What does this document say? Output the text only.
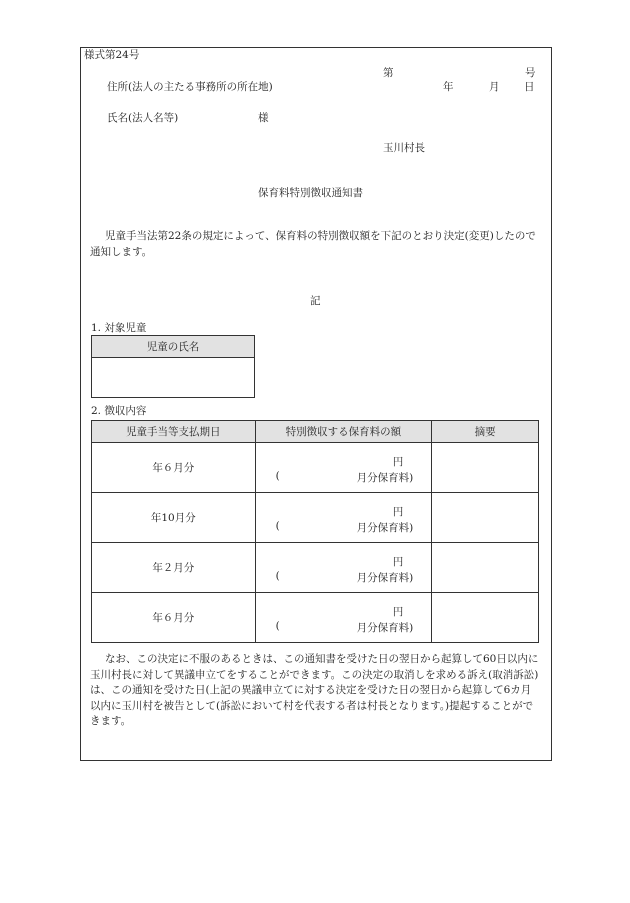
様式第24号
第	号
住所(法人の主たる事務所の所在地)	年	月 日
氏名(法人名等)	様
玉川村長
保育料特別徴収通知書
児童手当法第22条の規定によって、保育料の特別徴収額を下記のとおり決定(変更)したので通知します。
記
1. 対象児童
児童の氏名

2. 徴収内容
児童手当等支払期日	特別徴収する保育料の額	摘要
年６月分	円
( 月分保育料)	

年10月分	円
( 月分保育料)	

年２月分	円
( 月分保育料)	

年６月分	円
( 月分保育料)	

なお、この決定に不服のあるときは、この通知書を受けた日の翌日から起算して60日以内に玉川村長に対して異議申立てをすることができます。この決定の取消しを求める訴え(取消訴訟)は、この通知を受けた日(上記の異議申立てに対する決定を受けた日の翌日から起算して6カ月以内に玉川村を被告として(訴訟において村を代表する者は村長となります。)提起することができます。
